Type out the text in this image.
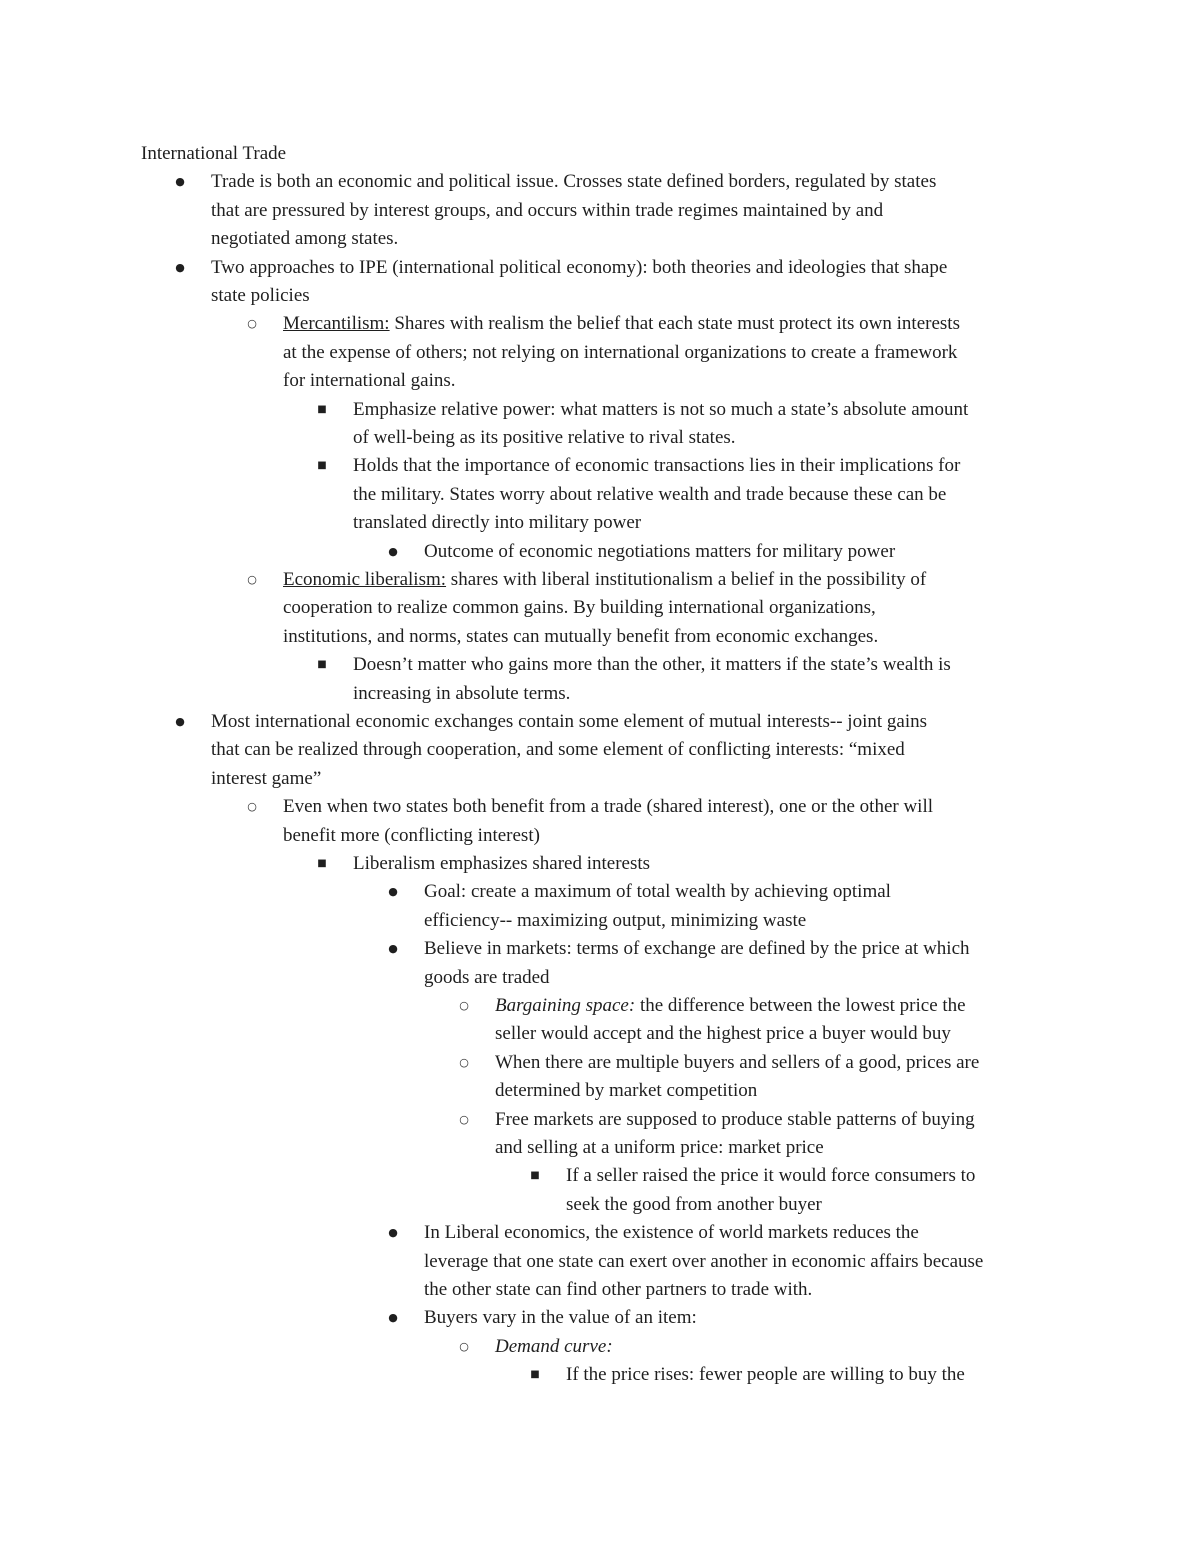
International Trade
● Trade is both an economic and political issue. Crosses state defined borders, regulated by states
that are pressured by interest groups, and occurs within trade regimes maintained by and
negotiated among states.
● Two approaches to IPE (international political economy): both theories and ideologies that shape
state policies
○ Mercantilism: Shares with realism the belief that each state must protect its own interests
at the expense of others; not relying on international organizations to create a framework
for international gains.
■ Emphasize relative power: what matters is not so much a state’s absolute amount
of well-being as its positive relative to rival states.
■ Holds that the importance of economic transactions lies in their implications for
the military. States worry about relative wealth and trade because these can be
translated directly into military power
● Outcome of economic negotiations matters for military power
○ Economic liberalism: shares with liberal institutionalism a belief in the possibility of
cooperation to realize common gains. By building international organizations,
institutions, and norms, states can mutually benefit from economic exchanges.
■ Doesn’t matter who gains more than the other, it matters if the state’s wealth is
increasing in absolute terms.
● Most international economic exchanges contain some element of mutual interests-- joint gains
that can be realized through cooperation, and some element of conflicting interests: “mixed
interest game”
○ Even when two states both benefit from a trade (shared interest), one or the other will
benefit more (conflicting interest)
■ Liberalism emphasizes shared interests
● Goal: create a maximum of total wealth by achieving optimal
efficiency-- maximizing output, minimizing waste
● Believe in markets: terms of exchange are defined by the price at which
goods are traded
○ Bargaining space: the difference between the lowest price the
seller would accept and the highest price a buyer would buy
○ When there are multiple buyers and sellers of a good, prices are
determined by market competition
○ Free markets are supposed to produce stable patterns of buying
and selling at a uniform price: market price
■ If a seller raised the price it would force consumers to
seek the good from another buyer
● In Liberal economics, the existence of world markets reduces the
leverage that one state can exert over another in economic affairs because
the other state can find other partners to trade with.
● Buyers vary in the value of an item:
○ Demand curve:
■ If the price rises: fewer people are willing to buy the
